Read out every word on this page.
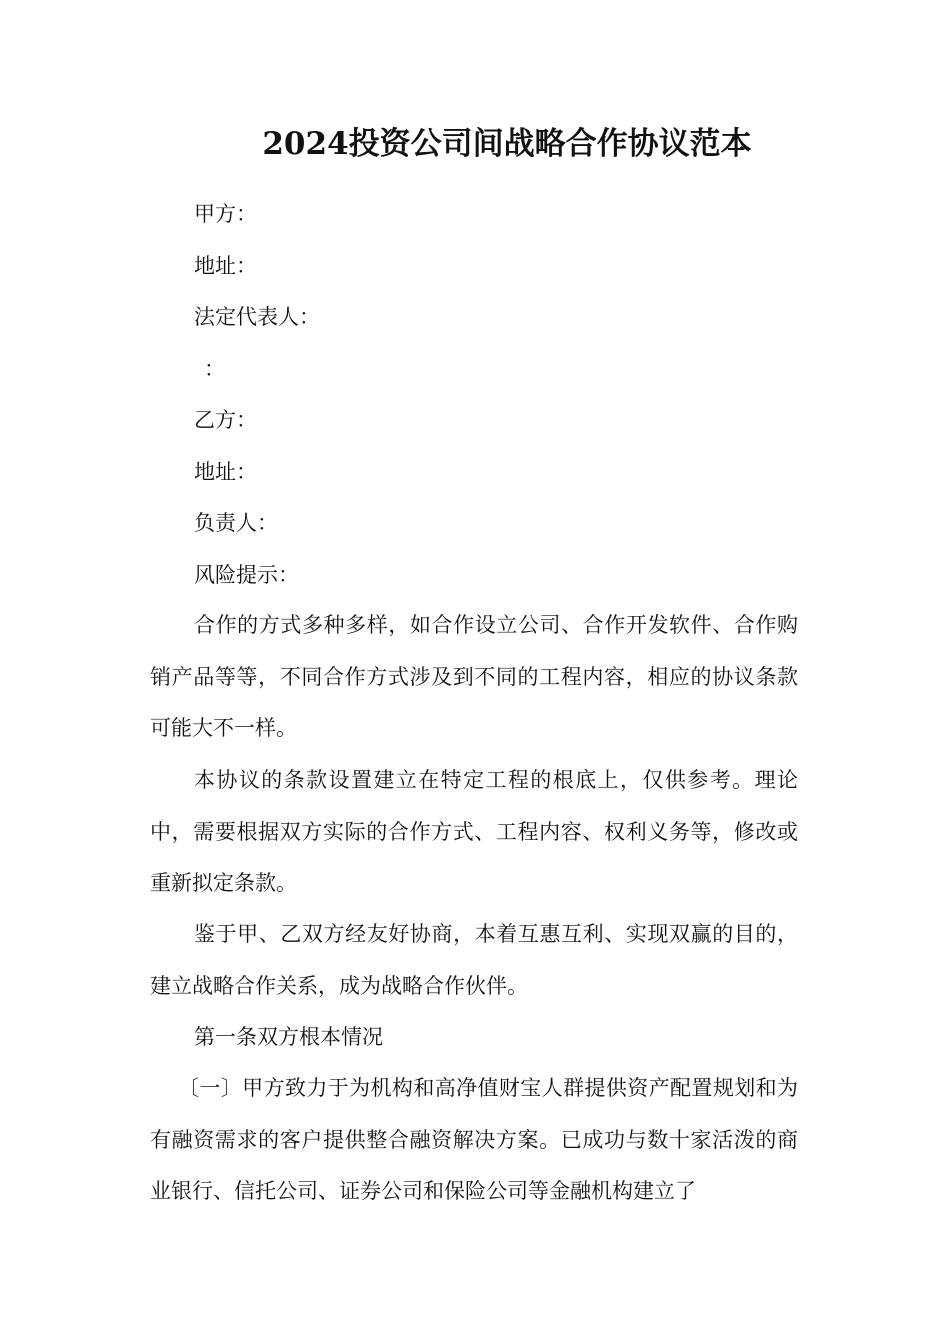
2024投资公司间战略合作协议范本
甲方：
地址：
法定代表人：
：
乙方：
地址：
负责人：
风险提示：

合作的方式多种多样，如合作设立公司、合作开发软件、合作购销产品等等，不同合作方式涉及到不同的工程内容，相应的协议条款可能大不一样。

本协议的条款设置建立在特定工程的根底上，仅供参考。理论中，需要根据双方实际的合作方式、工程内容、权利义务等，修改或重新拟定条款。

鉴于甲、乙双方经友好协商，本着互惠互利、实现双赢的目的，建立战略合作关系，成为战略合作伙伴。

第一条双方根本情况

〔一〕甲方致力于为机构和高净值财宝人群提供资产配置规划和为有融资需求的客户提供整合融资解决方案。已成功与数十家活泼的商业银行、信托公司、证券公司和保险公司等金融机构建立了
